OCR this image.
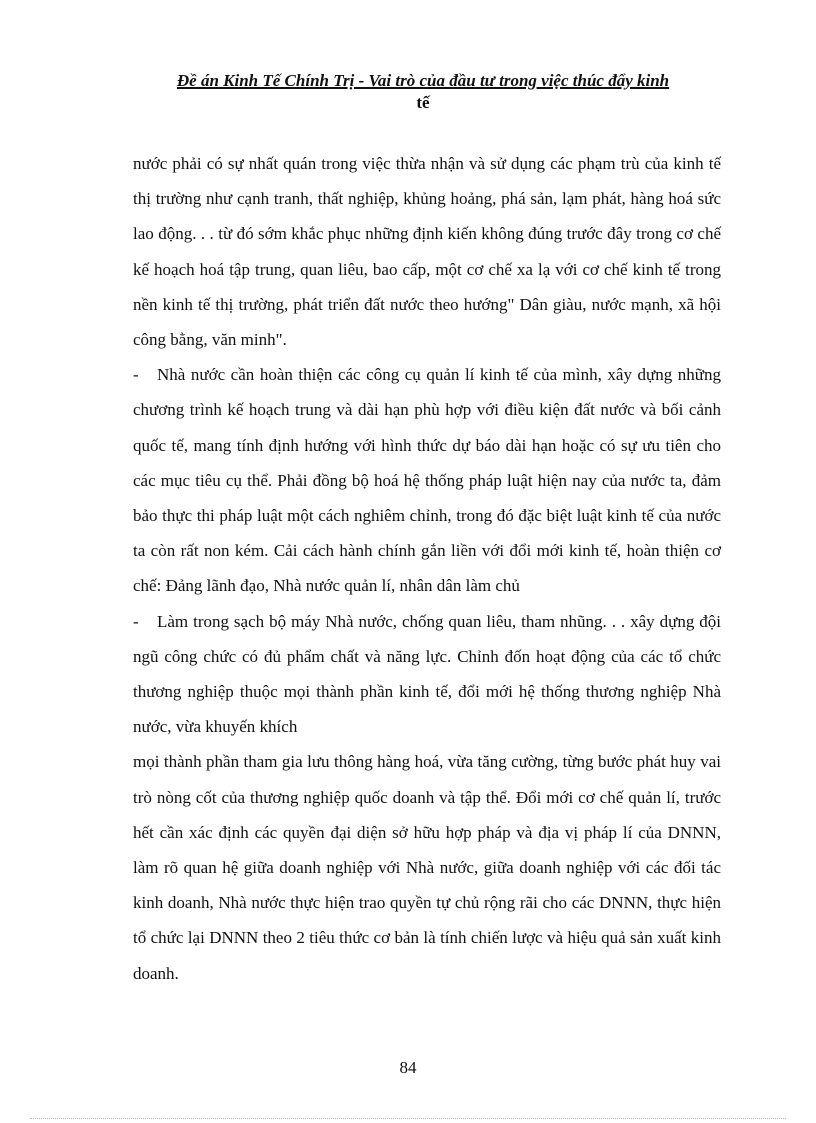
Đề án Kinh Tế Chính Trị - Vai trò của đầu tư trong việc thúc đẩy kinh
tế

nước phải có sự nhất quán trong việc thừa nhận và sử dụng các phạm trù của kinh tế thị trường như cạnh tranh, thất nghiệp, khủng hoảng, phá sản, lạm phát, hàng hoá sức lao động. . . từ đó sớm khắc phục những định kiến không đúng trước đây trong cơ chế kế hoạch hoá tập trung, quan liêu, bao cấp, một cơ chế xa lạ với cơ chế kinh tế trong nền kinh tế thị trường, phát triển đất nước theo hướng" Dân giàu, nước mạnh, xã hội công bằng, văn minh".

- Nhà nước cần hoàn thiện các công cụ quản lí kinh tế của mình, xây dựng những chương trình kế hoạch trung và dài hạn phù hợp với điều kiện đất nước và bối cảnh quốc tế, mang tính định hướng với hình thức dự báo dài hạn hoặc có sự ưu tiên cho các mục tiêu cụ thể. Phải đồng bộ hoá hệ thống pháp luật hiện nay của nước ta, đảm bảo thực thi pháp luật một cách nghiêm chỉnh, trong đó đặc biệt luật kinh tế của nước ta còn rất non kém. Cải cách hành chính gắn liền với đổi mới kinh tế, hoàn thiện cơ chế: Đảng lãnh đạo, Nhà nước quản lí, nhân dân làm chủ

- Làm trong sạch bộ máy Nhà nước, chống quan liêu, tham nhũng. . . xây dựng đội ngũ công chức có đủ phẩm chất và năng lực. Chỉnh đốn hoạt động của các tổ chức thương nghiệp thuộc mọi thành phần kinh tế, đổi mới hệ thống thương nghiệp Nhà nước, vừa khuyến khích

mọi thành phần tham gia lưu thông hàng hoá, vừa tăng cường, từng bước phát huy vai trò nòng cốt của thương nghiệp quốc doanh và tập thể. Đổi mới cơ chế quản lí, trước hết cần xác định các quyền đại diện sở hữu hợp pháp và địa vị pháp lí của DNNN, làm rõ quan hệ giữa doanh nghiệp với Nhà nước, giữa doanh nghiệp với các đối tác kinh doanh, Nhà nước thực hiện trao quyền tự chủ rộng rãi cho các DNNN, thực hiện tổ chức lại DNNN theo 2 tiêu thức cơ bản là tính chiến lược và hiệu quả sản xuất kinh doanh.

84
